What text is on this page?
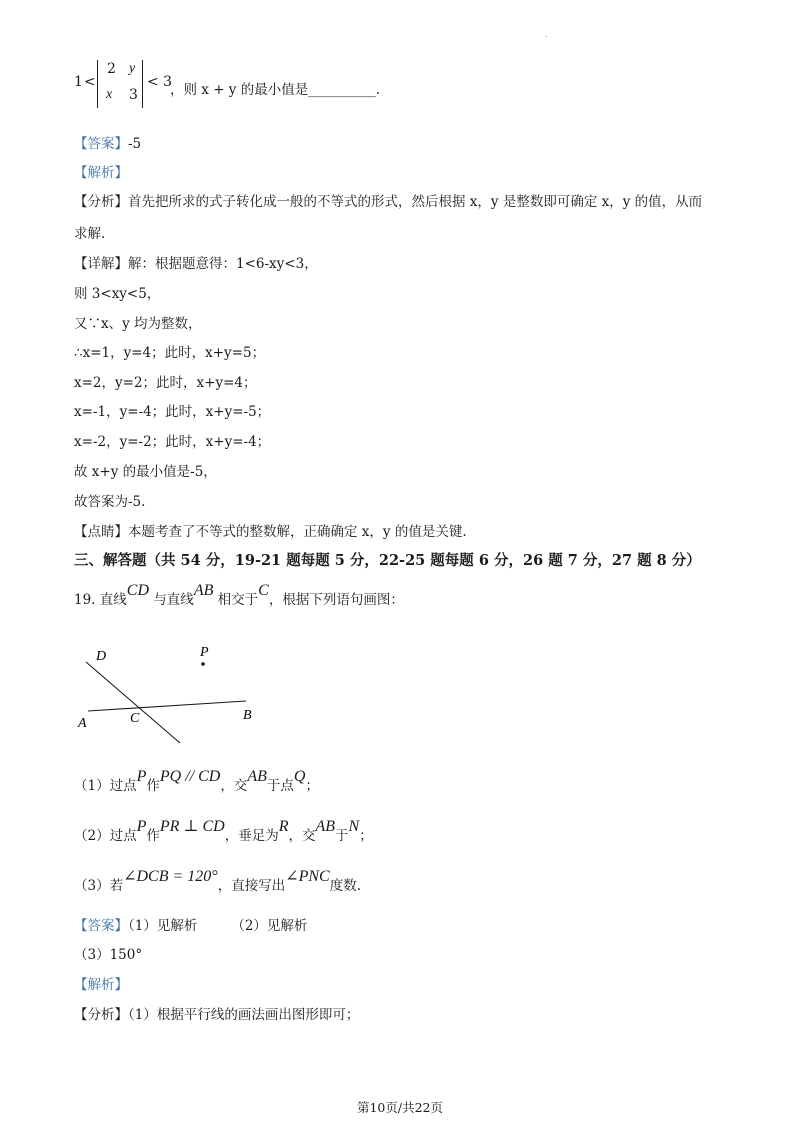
.
1 <
2 y
x 3
< 3
，则 x + y 的最小值是__________.
【答案】-5
【解析】
【分析】首先把所求的式子转化成一般的不等式的形式，然后根据 x，y 是整数即可确定 x，y 的值，从而
求解.
【详解】解：根据题意得：1<6-xy<3，
则 3<xy<5，
又∵x、y 均为整数，
∴x=1，y=4；此时，x+y=5；
x=2，y=2；此时，x+y=4；
x=-1，y=-4；此时，x+y=-5；
x=-2，y=-2；此时，x+y=-4；
故 x+y 的最小值是-5，
故答案为-5.
【点睛】本题考查了不等式的整数解，正确确定 x，y 的值是关键.
三、解答题（共 54 分，19-21 题每题 5 分，22-25 题每题 6 分，26 题 7 分，27 题 8 分）
19. 直线CD 与直线AB 相交于C，根据下列语句画图：
D	P
A	C	B
（1）过点P作PQ // CD，交AB于点Q；
（2）过点P作PR ⊥ CD，垂足为R，交AB于N；
（3）若∠DCB = 120°，直接写出∠PNC度数.
【答案】（1）见解析	（2）见解析
（3）150°
【解析】
【分析】（1）根据平行线的画法画出图形即可；
第10页/共22页
